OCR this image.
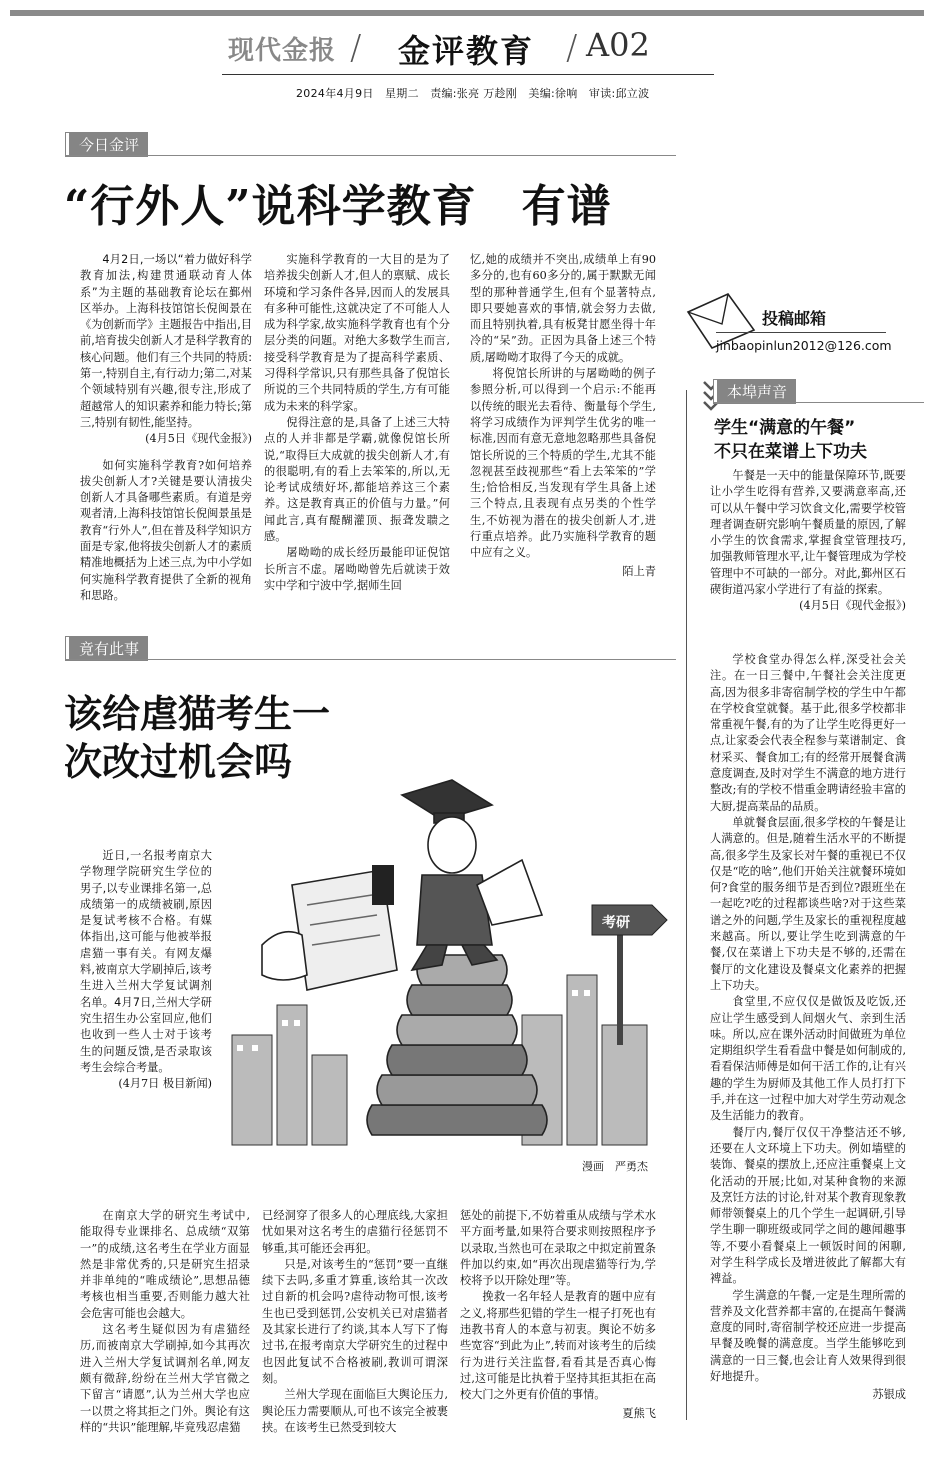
现代金报 / 金评教育 / A02
2024年4月9日　星期二　责编:张亮 万趁刚　美编:徐响　审读:邱立波
今日金评
“行外人”说科学教育　有谱

4月2日,一场以“着力做好科学教育加法,构建贯通联动育人体系”为主题的基础教育论坛在鄞州区举办。上海科技馆馆长倪闽景在《为创新而学》主题报告中指出,目前,培育拔尖创新人才是科学教育的核心问题。他们有三个共同的特质:第一,特别自主,有行动力;第二,对某个领域特别有兴趣,很专注,形成了超越常人的知识素养和能力特长;第三,特别有韧性,能坚持。

(4月5日《现代金报》)

如何实施科学教育?如何培养拔尖创新人才?关键是要认清拔尖创新人才具备哪些素质。有道是旁观者清,上海科技馆馆长倪闽景虽是教育“行外人”,但在普及科学知识方面是专家,他将拔尖创新人才的素质精准地概括为上述三点,为中小学如何实施科学教育提供了全新的视角和思路。

实施科学教育的一大目的是为了培养拔尖创新人才,但人的禀赋、成长环境和学习条件各异,因而人的发展具有多种可能性,这就决定了不可能人人成为科学家,故实施科学教育也有个分层分类的问题。对绝大多数学生而言,接受科学教育是为了提高科学素质、习得科学常识,只有那些具备了倪馆长所说的三个共同特质的学生,方有可能成为未来的科学家。

倪得注意的是,具备了上述三大特点的人并非都是学霸,就像倪馆长所说,“取得巨大成就的拔尖创新人才,有的很聪明,有的看上去笨笨的,所以,无论考试成绩好坏,都能培养这三个素养。这是教育真正的价值与力量。”何闻此言,真有醍醐灌顶、振聋发聩之感。

屠呦呦的成长经历最能印证倪馆长所言不虚。屠呦呦曾先后就读于效实中学和宁波中学,据师生回

忆,她的成绩并不突出,成绩单上有90多分的,也有60多分的,属于默默无闻型的那种普通学生,但有个显著特点,即只要她喜欢的事情,就会努力去做,而且特别执着,具有板凳甘愿坐得十年冷的“呆”劲。正因为具备上述三个特质,屠呦呦才取得了今天的成就。

将倪馆长所讲的与屠呦呦的例子参照分析,可以得到一个启示:不能再以传统的眼光去看待、衡量每个学生,将学习成绩作为评判学生优劣的唯一标准,因而有意无意地忽略那些具备倪馆长所说的三个特质的学生,尤其不能忽视甚至歧视那些“看上去笨笨的”学生;恰恰相反,当发现有学生具备上述三个特点,且表现有点另类的个性学生,不妨视为潜在的拔尖创新人才,进行重点培养。此乃实施科学教育的题中应有之义。

陌上青

投稿邮箱
jinbaopinlun2012@126.com
本埠声音
学生“满意的午餐”
不只在菜谱上下功夫

午餐是一天中的能量保障环节,既要让小学生吃得有营养,又要满意率高,还可以从午餐中学习饮食文化,需要学校管理者调查研究影响午餐质量的原因,了解小学生的饮食需求,掌握食堂管理技巧,加强教师管理水平,让午餐管理成为学校管理中不可缺的一部分。对此,鄞州区石碶街道冯家小学进行了有益的探索。

(4月5日《现代金报》)

学校食堂办得怎么样,深受社会关注。在一日三餐中,午餐社会关注度更高,因为很多非寄宿制学校的学生中午都在学校食堂就餐。基于此,很多学校都非常重视午餐,有的为了让学生吃得更好一点,让家委会代表全程参与菜谱制定、食材采买、餐食加工;有的经常开展餐食满意度调查,及时对学生不满意的地方进行整改;有的学校不惜重金聘请经验丰富的大厨,提高菜品的品质。

单就餐食层面,很多学校的午餐是让人满意的。但是,随着生活水平的不断提高,很多学生及家长对午餐的重视已不仅仅是“吃的啥”,他们开始关注就餐环境如何?食堂的服务细节是否到位?跟班坐在一起吃?吃的过程都谈些啥?对于这些菜谱之外的问题,学生及家长的重视程度越来越高。所以,要让学生吃到满意的午餐,仅在菜谱上下功夫是不够的,还需在餐厅的文化建设及餐桌文化素养的把握上下功夫。

食堂里,不应仅仅是做饭及吃饭,还应让学生感受到人间烟火气、亲到生活味。所以,应在课外活动时间做班为单位定期组织学生看看盘中餐是如何制成的,看看保洁师傅是如何干活工作的,让有兴趣的学生为厨师及其他工作人员打打下手,并在这一过程中加大对学生劳动观念及生活能力的教育。

餐厅内,餐厅仅仅干净整洁还不够,还要在人文环境上下功夫。例如墙壁的装饰、餐桌的摆放上,还应注重餐桌上文化活动的开展;比如,对某种食物的来源及烹饪方法的讨论,针对某个教育现象教师带领餐桌上的几个学生一起调研,引导学生聊一聊班级或同学之间的趣闻趣事等,不要小看餐桌上一顿饭时间的闲聊,对学生科学成长及增进彼此了解都大有裨益。

学生满意的午餐,一定是生理所需的营养及文化营养都丰富的,在提高午餐满意度的同时,寄宿制学校还应进一步提高早餐及晚餐的满意度。当学生能够吃到满意的一日三餐,也会让育人效果得到很好地提升。

苏银成

竟有此事
该给虐猫考生一次改过机会吗

近日,一名报考南京大学物理学院研究生学位的男子,以专业课排名第一,总成绩第一的成绩被刷,原因是复试考核不合格。有媒体指出,这可能与他被举报虐猫一事有关。有网友爆料,被南京大学刷掉后,该考生进入兰州大学复试调剂名单。4月7日,兰州大学研究生招生办公室回应,他们也收到一些人士对于该考生的问题反馈,是否录取该考生会综合考量。

(4月7日 极目新闻)

考研
漫画　严勇杰

在南京大学的研究生考试中,能取得专业课排名、总成绩“双第一”的成绩,这名考生在学业方面显然是非常优秀的,只是研究生招录并非单纯的“唯成绩论”,思想品德考核也相当重要,否则能力越大社会危害可能也会越大。

这名考生疑似因为有虐猫经历,而被南京大学刷掉,如今其再次进入兰州大学复试调剂名单,网友颇有微辞,纷纷在兰州大学官微之下留言“请愿”,认为兰州大学也应一以贯之将其拒之门外。舆论有这样的“共识”能理解,毕竟残忍虐猫

已经洞穿了很多人的心理底线,大家担忧如果对这名考生的虐猫行径惩罚不够重,其可能还会再犯。

只是,对该考生的“惩罚”要一直继续下去吗,多重才算重,该给其一次改过自新的机会吗?虐待动物可恨,该考生也已受到惩罚,公安机关已对虐猫者及其家长进行了约谈,其本人写下了悔过书,在报考南京大学研究生的过程中也因此复试不合格被刷,教训可谓深刻。

兰州大学现在面临巨大舆论压力,舆论压力需要顺从,可也不该完全被裹挟。在该考生已然受到较大

惩处的前提下,不妨着重从成绩与学术水平方面考量,如果符合要求则按照程序予以录取,当然也可在录取之中拟定前置条件加以约束,如“再次出现虐猫等行为,学校将予以开除处理”等。

挽救一名年轻人是教育的题中应有之义,将那些犯错的学生一棍子打死也有违教书育人的本意与初衷。舆论不妨多些宽容“到此为止”,转而对该考生的后续行为进行关注监督,看看其是否真心悔过,这可能是比执着于坚持其拒其拒在高校大门之外更有价值的事情。

夏熊飞
